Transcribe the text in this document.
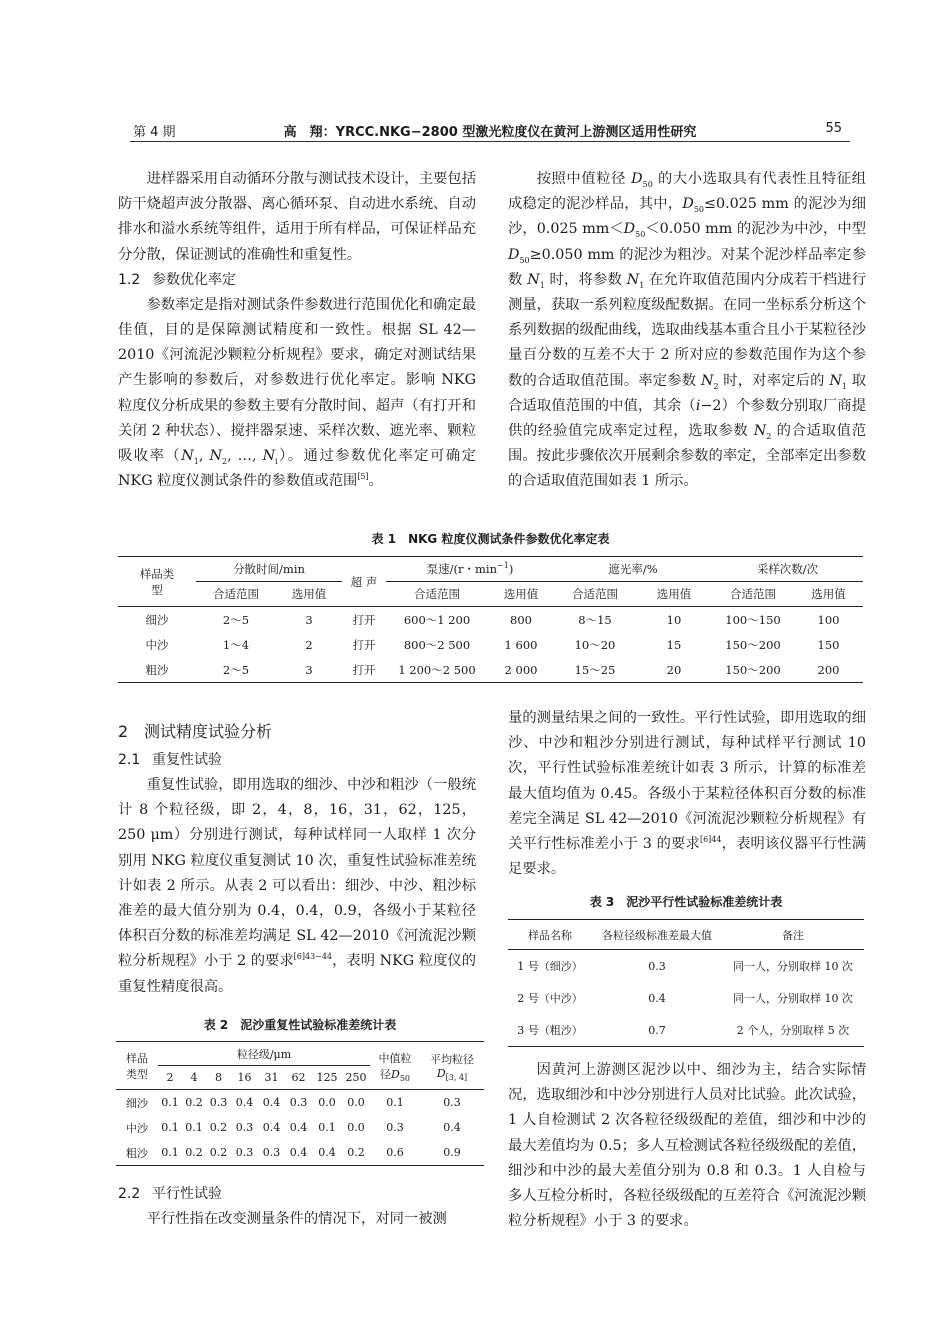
第 4 期	高　翔：YRCC.NKG−2800 型激光粒度仪在黄河上游测区适用性研究	55

进样器采用自动循环分散与测试技术设计，主要包括防干烧超声波分散器、离心循环泵、自动进水系统、自动排水和溢水系统等组件，适用于所有样品，可保证样品充分分散，保证测试的准确性和重复性。

1.2 参数优化率定

参数率定是指对测试条件参数进行范围优化和确定最佳值，目的是保障测试精度和一致性。根据 SL 42—2010《河流泥沙颗粒分析规程》要求，确定对测试结果产生影响的参数后，对参数进行优化率定。影响 NKG 粒度仪分析成果的参数主要有分散时间、超声（有打开和关闭 2 种状态）、搅拌器泵速、采样次数、遮光率、颗粒吸收率（$N_1$, $N_2$, …, $N_i$）。通过参数优化率定可确定 NKG 粒度仪测试条件的参数值或范围[5]。

按照中值粒径 $D_{50}$ 的大小选取具有代表性且特征组成稳定的泥沙样品，其中，$D_{50}\le 0.025$ mm 的泥沙为细沙，0.025 $mm<D_{50}<0.050$ mm 的泥沙为中沙，中型 $D_{50}\ge 0.050$ mm 的泥沙为粗沙。对某个泥沙样品率定参数 $N_1$ 时，将参数 $N_1$ 在允许取值范围内分成若干档进行测量，获取一系列粒度级配数据。在同一坐标系分析这个系列数据的级配曲线，选取曲线基本重合且小于某粒径沙量百分数的互差不大于 2 所对应的参数范围作为这个参数的合适取值范围。率定参数 $N_2$ 时，对率定后的 $N_1$ 取合适取值范围的中值，其余（i−2）个参数分别取厂商提供的经验值完成率定过程，选取参数 $N_2$ 的合适取值范围。按此步骤依次开展剩余参数的率定，全部率定出参数的合适取值范围如表 1 所示。

表 1　NKG 粒度仪测试条件参数优化率定表
样品类型	分散时间/min		超 声	泵速/(r・$\min^{-1}$)		遮光率/%		采样次数/次	
	合适范围	选用值		合适范围	选用值	合适范围	选用值	合适范围	选用值
细沙	2～5	3	打开	600～1 200	800	8～15	10	100～150	100
中沙	1～4	2	打开	800～2 500	1 600	10～20	15	150～200	150
粗沙	2～5	3	打开	1 200～2 500	2 000	15～25	20	150～200	200
2 测试精度试验分析
2.1 重复性试验

重复性试验，即用选取的细沙、中沙和粗沙（一般统计 8 个粒径级，即 2，4，8，16，31，62，125，250 μm）分别进行测试，每种试样同一人取样 1 次分别用 NKG 粒度仪重复测试 10 次，重复性试验标准差统计如表 2 所示。从表 2 可以看出：细沙、中沙、粗沙标准差的最大值分别为 0.4，0.4，0.9，各级小于某粒径体积百分数的标准差均满足 SL 42—2010《河流泥沙颗粒分析规程》小于 2 的要求$^{[6]43-44}$，表明 NKG 粒度仪的重复性精度很高。

表 2　泥沙重复性试验标准差统计表
样品类型	粒径级/μm								中值粒径$D_{50}$	平均粒径$D_{[3, 4]}$
	2	4	8	16	31	62	125	250		
细沙	0.1	0.2	0.3	0.4	0.4	0.3	0.0	0.0	0.1	0.3
中沙	0.1	0.1	0.2	0.3	0.4	0.4	0.1	0.0	0.3	0.4
粗沙	0.1	0.2	0.2	0.3	0.3	0.4	0.4	0.2	0.6	0.9
2.2 平行性试验

平行性指在改变测量条件的情况下，对同一被测

量的测量结果之间的一致性。平行性试验，即用选取的细沙、中沙和粗沙分别进行测试，每种试样平行测试 10 次，平行性试验标准差统计如表 3 所示，计算的标准差最大值均值为 0.45。各级小于某粒径体积百分数的标准差完全满足 SL 42—2010《河流泥沙颗粒分析规程》有关平行性标准差小于 3 的要求$^{[6]44}$，表明该仪器平行性满足要求。

表 3　泥沙平行性试验标准差统计表
样品名称	各粒径级标准差最大值	备注
1 号（细沙）	0.3	同一人，分别取样 10 次
2 号（中沙）	0.4	同一人，分别取样 10 次
3 号（粗沙）	0.7	2 个人，分别取样 5 次

因黄河上游测区泥沙以中、细沙为主，结合实际情况，选取细沙和中沙分别进行人员对比试验。此次试验，1 人自检测试 2 次各粒径级级配的差值，细沙和中沙的最大差值均为 0.5；多人互检测试各粒径级级配的差值，细沙和中沙的最大差值分别为 0.8 和 0.3。1 人自检与多人互检分析时，各粒径级级配的互差符合《河流泥沙颗粒分析规程》小于 3 的要求。
